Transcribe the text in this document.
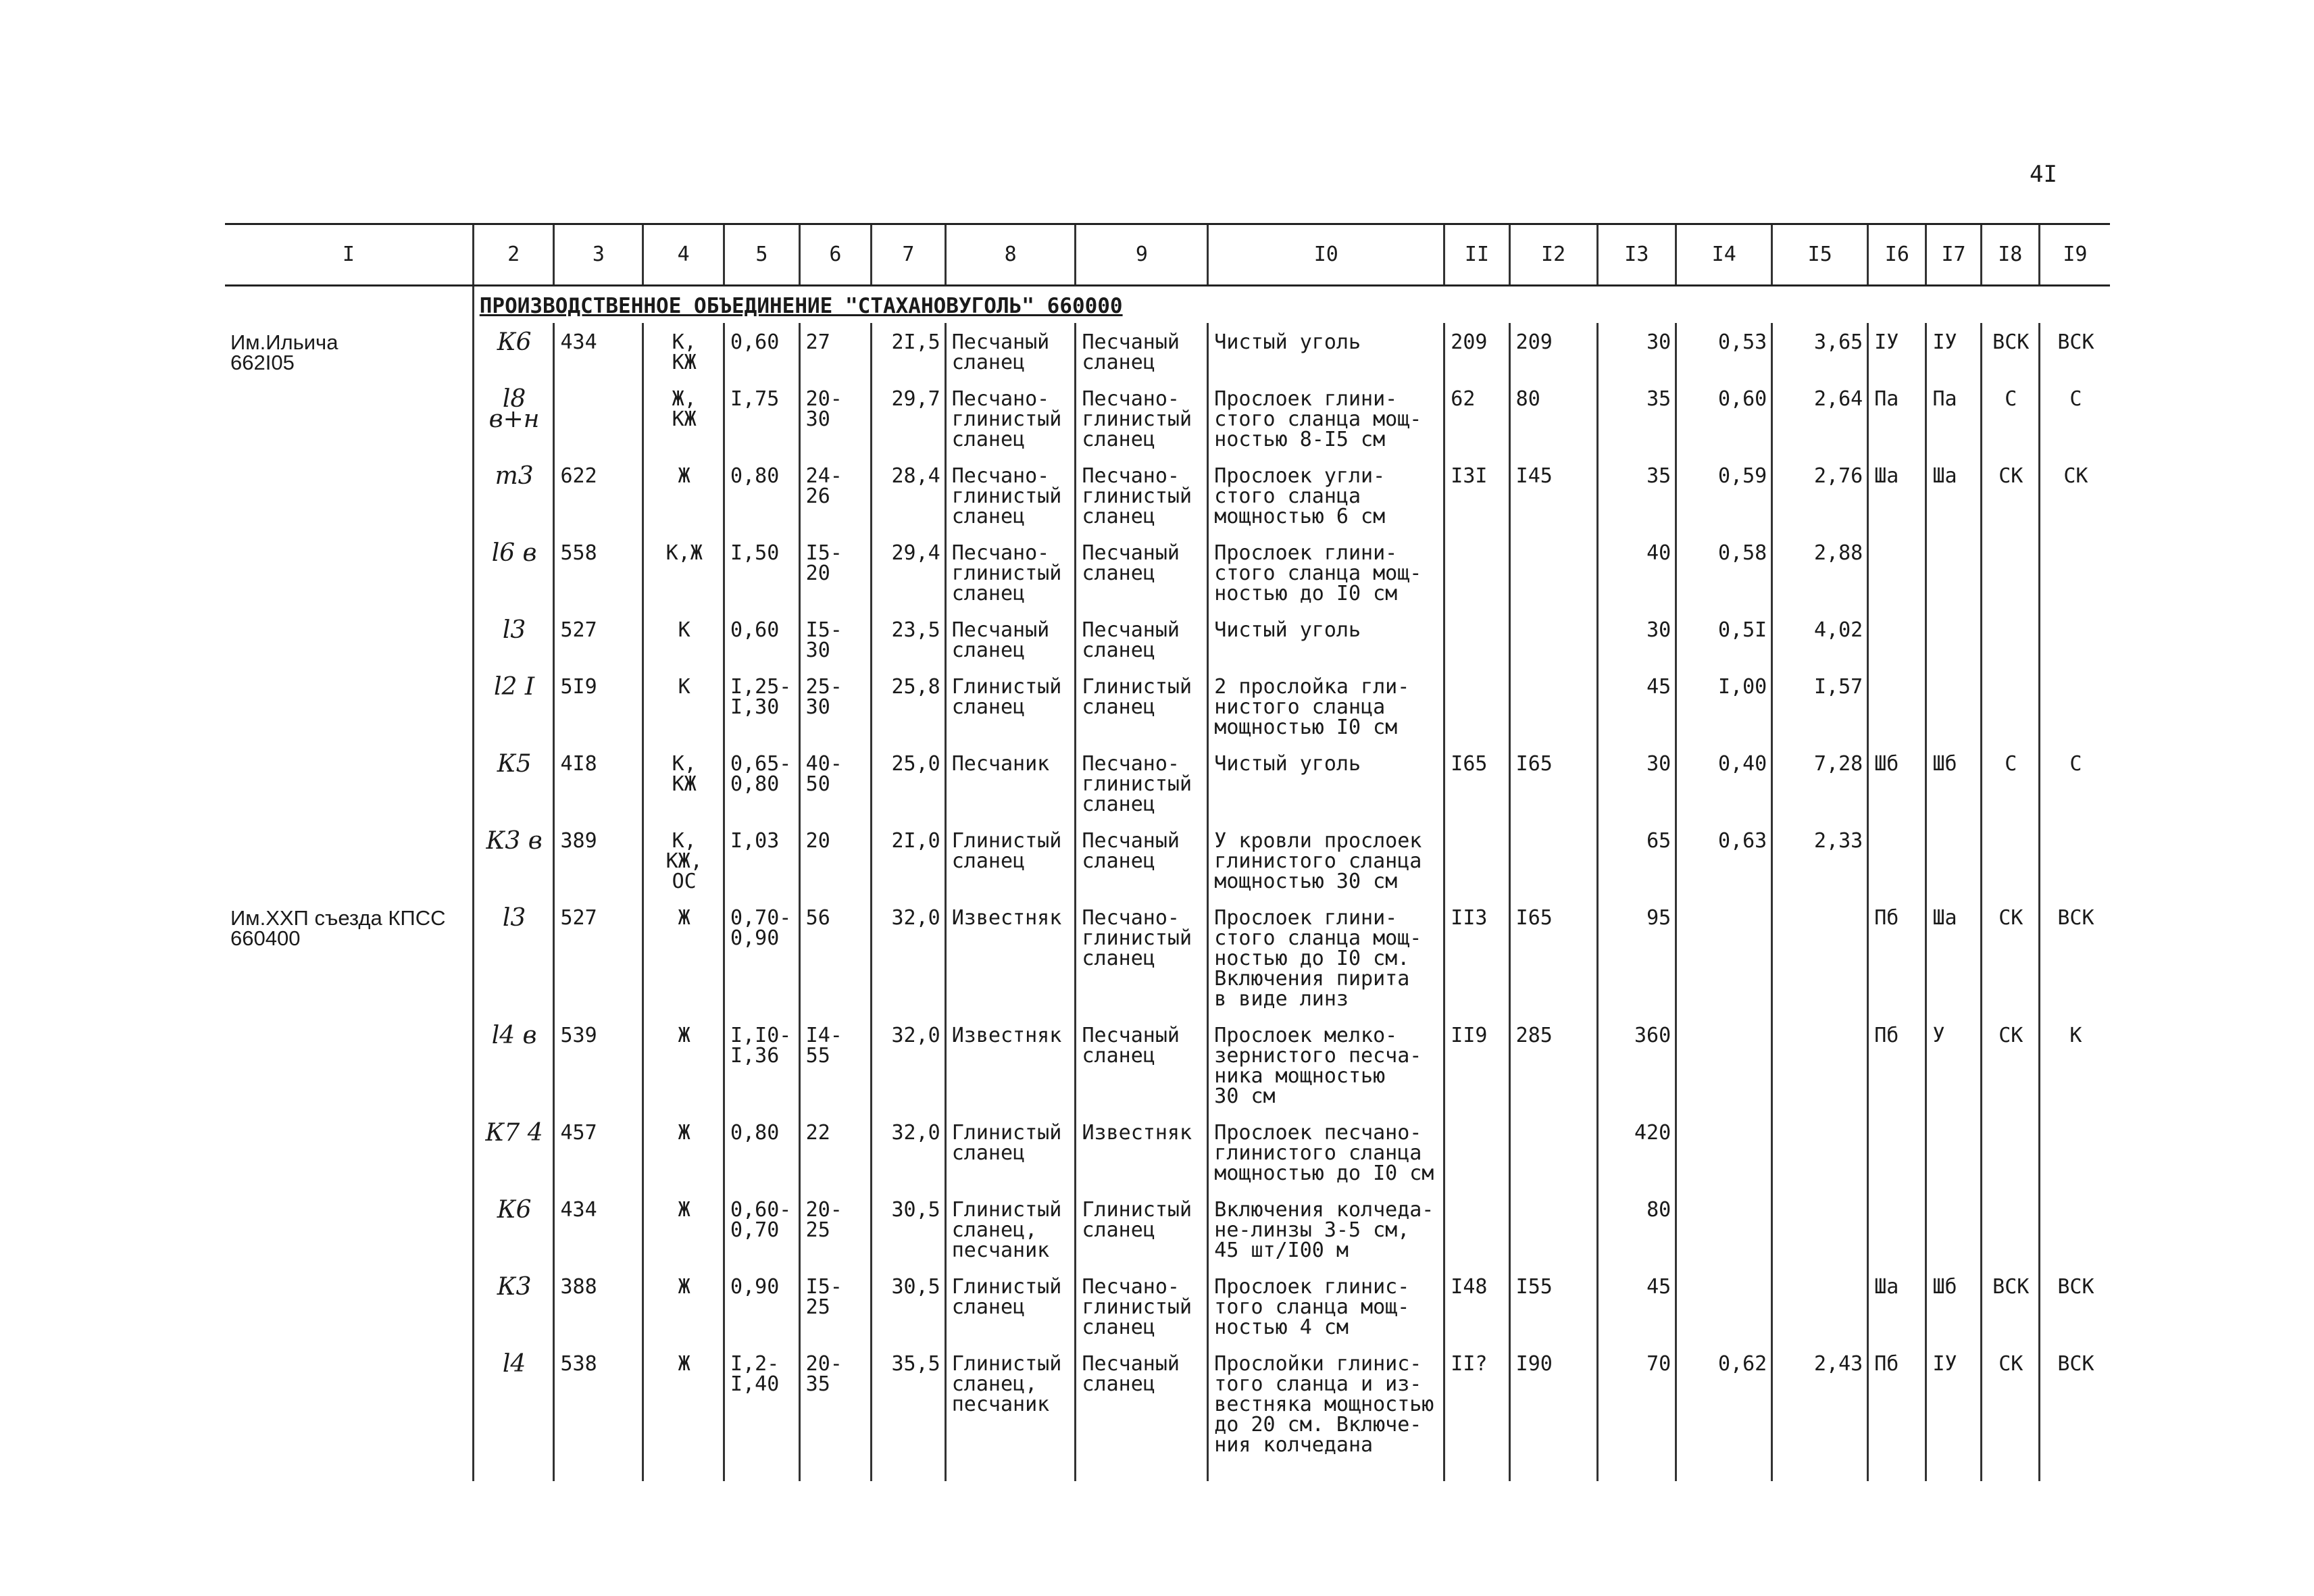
4I
I	2	3	4	5	6	7	8	9	I0	II	I2	I3	I4	I5	I6	I7	I8	I9
	ПРОИЗВОДСТВЕННОЕ ОБЪЕДИНЕНИЕ "СТАХАНОВУГОЛЬ" 660000																	
Им.Ильича
662I05	К6	434	К,
КЖ	0,60	27	2I,5	Песчаный
сланец	Песчаный
сланец	Чистый уголь	209	209	30	0,53	3,65	IУ	IУ	ВСК	ВСК
	l8 в+н		Ж,
КЖ	I,75	20-
30	29,7	Песчано-
глинистый
сланец	Песчано-
глинистый
сланец	Прослоек глини-
стого сланца мощ-
ностью 8-I5 см	62	80	35	0,60	2,64	Па	Па	С	С
	m3	622	Ж	0,80	24-
26	28,4	Песчано-
глинистый
сланец	Песчано-
глинистый
сланец	Прослоек угли-
стого сланца
мощностью 6 см	I3I	I45	35	0,59	2,76	Шa	Шa	СК	СК
	l6 в	558	К,Ж	I,50	I5-
20	29,4	Песчано-
глинистый
сланец	Песчаный
сланец	Прослоек глини-
стого сланца мощ-
ностью до I0 см			40	0,58	2,88				
	l3	527	К	0,60	I5-
30	23,5	Песчаный
сланец	Песчаный
сланец	Чистый уголь			30	0,5I	4,02				
	l2 I	5I9	К	I,25-
I,30	25-
30	25,8	Глинистый
сланец	Глинистый
сланец	2 прослойка гли-
нистого сланца
мощностью I0 см			45	I,00	I,57				
	К5	4I8	К,
КЖ	0,65-
0,80	40-
50	25,0	Песчаник	Песчано-
глинистый
сланец	Чистый уголь	I65	I65	30	0,40	7,28	Шб	Шб	С	С
	К3 в	389	К,
КЖ,
ОС	I,03	20	2I,0	Глинистый
сланец	Песчаный
сланец	У кровли прослоек
глинистого сланца
мощностью 30 см			65	0,63	2,33				
Им.XXП съезда КПСС
660400	l3	527	Ж	0,70-
0,90	56	32,0	Известняк	Песчано-
глинистый
сланец	Прослоек глини-
стого сланца мощ-
ностью до I0 см.
Включения пирита
в виде линз	II3	I65	95			Пб	Шa	СК	ВСК
	l4 в	539	Ж	I,I0-
I,36	I4-
55	32,0	Известняк	Песчаный
сланец	Прослоек мелко-
зернистого песча-
ника мощностью
30 см	II9	285	360			Пб	У	СК	К
	К7 4	457	Ж	0,80	22	32,0	Глинистый
сланец	Известняк	Прослоек песчано-
глинистого сланца
мощностью до I0 см			420						
	К6	434	Ж	0,60-
0,70	20-
25	30,5	Глинистый
сланец,
песчаник	Глинистый
сланец	Включения колчеда-
не-линзы 3-5 см,
45 шт/I00 м			80						
	К3	388	Ж	0,90	I5-
25	30,5	Глинистый
сланец	Песчано-
глинистый
сланец	Прослоек глинис-
того сланца мощ-
ностью 4 см	I48	I55	45			Шa	Шб	ВСК	ВСК
	l4	538	Ж	I,2-
I,40	20-
35	35,5	Глинистый
сланец,
песчаник	Песчаный
сланец	Прослойки глинис-
того сланца и из-
вестняка мощностью
до 20 см. Включе-
ния колчедана	II?	I90	70	0,62	2,43	Пб	IУ	СК	ВСК
